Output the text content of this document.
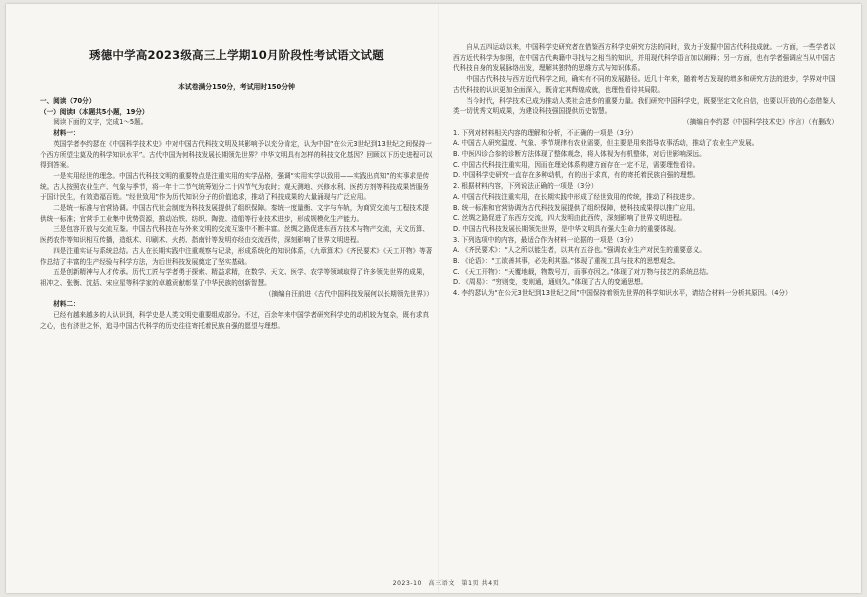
琇德中学高2023级高三上学期10月阶段性考试语文试题
本试卷满分150分，考试用时150分钟

一、阅读（70分）

（一）阅读Ⅰ（本题共5小题，19分）

阅读下面的文字，完成1～5题。

材料一：

英国学者李约瑟在《中国科学技术史》中对中国古代科技文明及其影响予以充分肯定，认为中国“在公元3世纪到13世纪之间保持一个西方所望尘莫及的科学知识水平”。古代中国为何科技发展长期领先世界？中华文明具有怎样的科技文化基因？回顾以下历史进程可以得到答案。

一是实用经世的理念。中国古代科技文明的重要特点是注重实用的实学品格，强调“实用实学以致用——实践出真知”的实事求是传统。古人按照农业生产、气象与季节，将一年十二节气统筹划分二十四节气为农时；观天测地、兴修水利、医药方剂等科技成果皆服务于国计民生，有效造福百姓。“经世致用”作为历代知识分子的价值追求，推动了科技成果的大量涌现与广泛应用。

二是统一标准与官营协调。中国古代社会制度为科技发展提供了组织保障。秦统一度量衡、文字与车轨，为商贸交流与工程技术提供统一标准；官营手工业集中优势资源，推动冶铁、纺织、陶瓷、造船等行业技术进步，形成规模化生产能力。

三是包容开放与交流互鉴。中国古代科技在与外来文明的交流互鉴中不断丰富。丝绸之路促进东西方技术与物产交流，天文历算、医药农作等知识相互传播，造纸术、印刷术、火药、指南针等发明亦经由交流西传，深刻影响了世界文明进程。

四是注重实证与系统总结。古人在长期实践中注重观察与记录，形成系统化的知识体系，《九章算术》《齐民要术》《天工开物》等著作总结了丰富的生产经验与科学方法，为后世科技发展奠定了坚实基础。

五是创新精神与人才传承。历代工匠与学者勇于探索、精益求精，在数学、天文、医学、农学等领域取得了许多领先世界的成果，祖冲之、张衡、沈括、宋应星等科学家的卓越贡献彰显了中华民族的创新智慧。

（摘编自汪前进《古代中国科技发展何以长期领先世界》）

材料二：

已经有越来越多的人认识到，科学史是人类文明史重要组成部分。不过，百余年来中国学者研究科学史的动机较为复杂，既有求真之心，也有济世之怀，追寻中国古代科学的历史往往寄托着民族自强的愿望与理想。

自从五四运动以来，中国科学史研究者在借鉴西方科学史研究方法的同时，致力于发掘中国古代科技成就。一方面，一些学者以西方近代科学为参照，在中国古代典籍中寻找与之相当的知识，并用现代科学语言加以阐释；另一方面，也有学者强调应当从中国古代科技自身的发展脉络出发，理解其独特的思维方式与知识体系。

中国古代科技与西方近代科学之间，确实有不同的发展路径。近几十年来，随着考古发现的增多和研究方法的进步，学界对中国古代科技的认识更加全面深入，既肯定其辉煌成就，也理性看待其局限。

当今时代，科学技术已成为推动人类社会进步的重要力量。我们研究中国科学史，既要坚定文化自信，也要以开放的心态借鉴人类一切优秀文明成果，为建设科技强国提供历史智慧。

（摘编自李约瑟《中国科学技术史》序言）（有删改）

1. 下列对材料相关内容的理解和分析，不正确的一项是（3分）

A. 中国古人研究温度、气象、季节规律有农业需要，但主要是用来指导农事活动，推动了农业生产发展。

B. 中医四诊合参的诊断方法体现了整体观念，将人体视为有机整体，对后世影响深远。

C. 中国古代科技注重实用，因而在理论体系构建方面存在一定不足，需要理性看待。

D. 中国科学史研究一直存在多种动机，有的出于求真，有的寄托着民族自强的理想。

2. 根据材料内容，下列说法正确的一项是（3分）

A. 中国古代科技注重实用，在长期实践中形成了经世致用的传统，推动了科技进步。

B. 统一标准和官营协调为古代科技发展提供了组织保障，使科技成果得以推广应用。

C. 丝绸之路促进了东西方交流，四大发明由此西传，深刻影响了世界文明进程。

D. 中国古代科技发展长期领先世界，是中华文明具有强大生命力的重要体现。

3. 下列选项中的内容，最适合作为材料一论据的一项是（3分）

A. 《齐民要术》：“人之所以能生者，以其有五谷也。”强调农业生产对民生的重要意义。

B. 《论语》：“工欲善其事，必先利其器。”体现了重视工具与技术的思想观念。

C. 《天工开物》：“天覆地载，物数号万，而事亦因之。”体现了对万物与技艺的系统总结。

D. 《周易》：“穷则变，变则通，通则久。”体现了古人的变通思想。

4. 李约瑟认为“在公元3世纪到13世纪之间”中国保持着领先世界的科学知识水平，请结合材料一分析其原因。（4分）

2023-10　高三语文　第1页 共4页
